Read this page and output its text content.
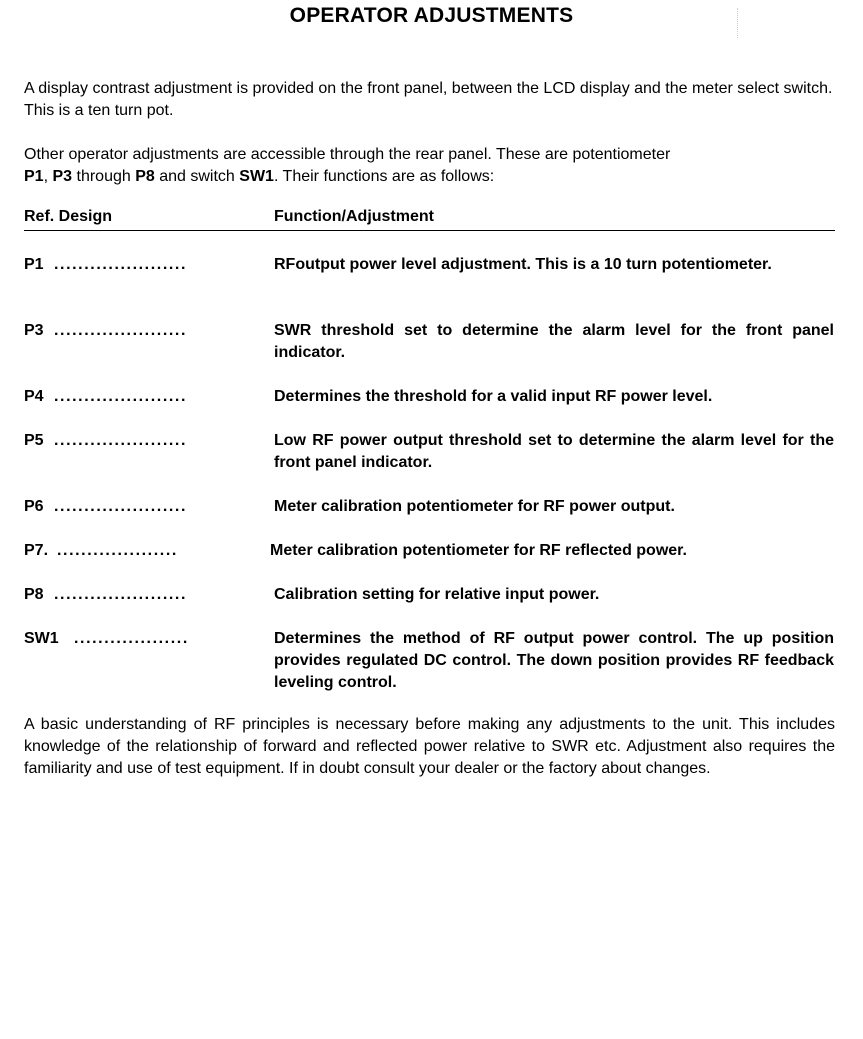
OPERATOR ADJUSTMENTS
A display contrast adjustment is provided on the front panel, between the LCD display and the meter select switch. This is a ten turn pot.
Other operator adjustments are accessible through the rear panel. These are potentiometer
P1, P3 through P8 and switch SW1. Their functions are as follows:
Ref. Design	Function/Adjustment
P1 ......................	RFoutput power level adjustment. This is a 10 turn potentiometer.
P3 ......................	SWR threshold set to determine the alarm level for the front panel indicator.
P4 ......................	Determines the threshold for a valid input RF power level.
P5 ......................	Low RF power output threshold set to determine the alarm level for the front panel indicator.
P6 ......................	Meter calibration potentiometer for RF power output.
P7. ....................	Meter calibration potentiometer for RF reflected power.
P8 ......................	Calibration setting for relative input power.
SW1 ...................	Determines the method of RF output power control. The up position provides regulated DC control. The down position provides RF feedback leveling control.
A basic understanding of RF principles is necessary before making any adjustments to the unit. This includes knowledge of the relationship of forward and reflected power relative to SWR etc. Adjustment also requires the familiarity and use of test equipment. If in doubt consult your dealer or the factory about changes.
